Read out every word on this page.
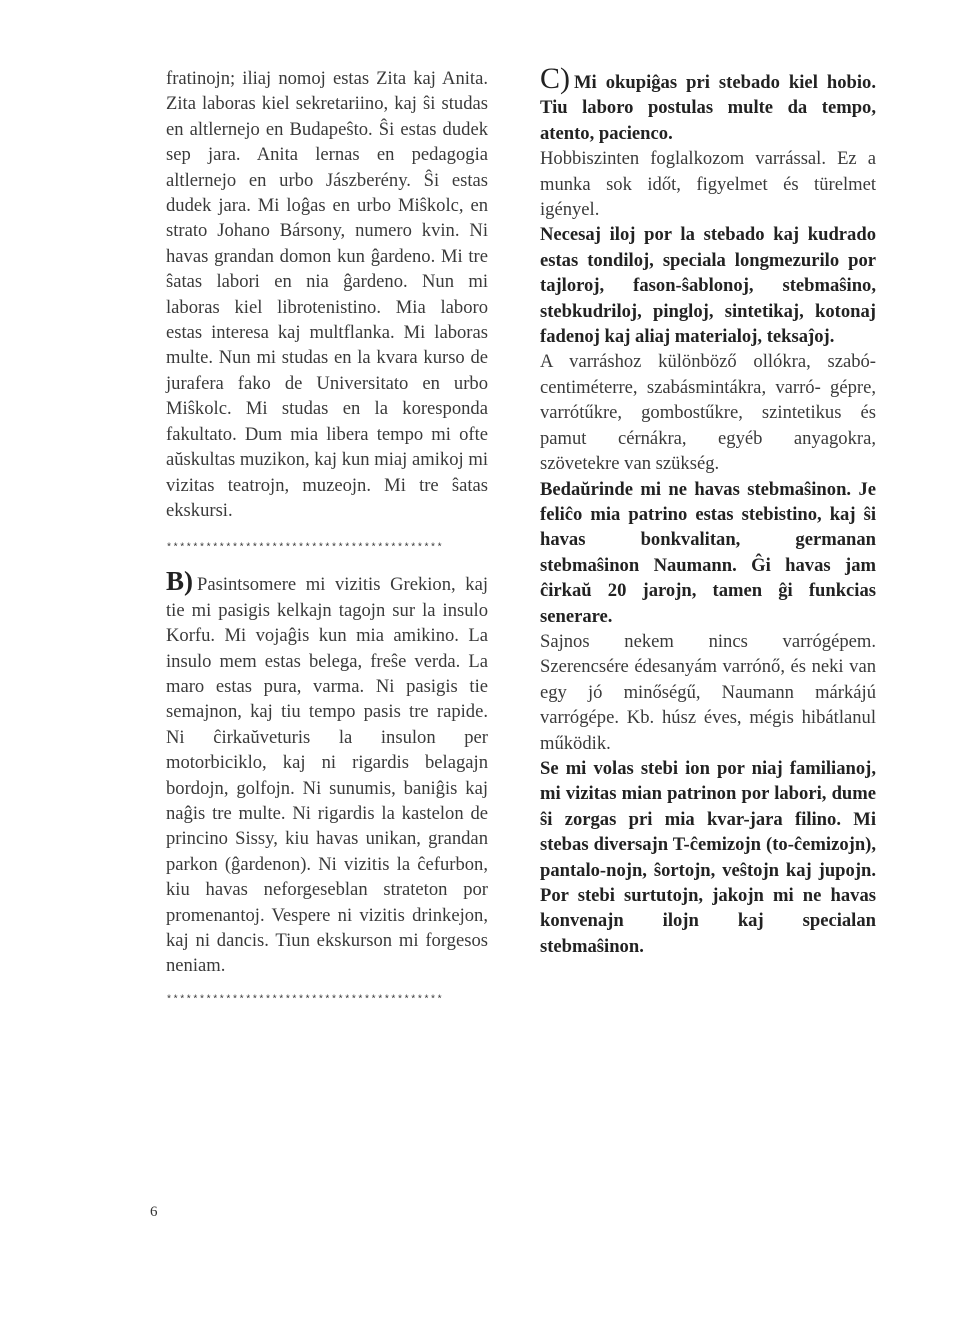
fratinojn; iliaj nomoj estas Zita kaj Anita. Zita laboras kiel sekretariino, kaj ŝi studas en altlernejo en Budapeŝto. Ŝi estas dudek sep jara. Anita lernas en pedagogia altlernejo en urbo Jászberény. Ŝi estas dudek jara. Mi loĝas en urbo Miŝkolc, en strato Johano Bársony, numero kvin. Ni havas grandan domon kun ĝardeno. Mi tre ŝatas labori en nia ĝardeno. Nun mi laboras kiel librotenistino. Mia laboro estas interesa kaj multflanka. Mi laboras multe. Nun mi studas en la kvara kurso de jurafera fako de Universitato en urbo Miŝkolc. Mi studas en la koresponda fakultato. Dum mia libera tempo mi ofte aŭskultas muzikon, kaj kun miaj amikoj mi vizitas teatrojn, muzeojn. Mi tre ŝatas ekskursi.

******************************************

B) Pasintsomere mi vizitis Grekion, kaj tie mi pasigis kelkajn tagojn sur la insulo Korfu. Mi vojaĝis kun mia amikino. La insulo mem estas belega, freŝe verda. La maro estas pura, varma. Ni pasigis tie semajnon, kaj tiu tempo pasis tre rapide. Ni ĉirkaŭveturis la insulon per motorbiciklo, kaj ni rigardis belagajn bordojn, golfojn. Ni sunumis, baniĝis kaj naĝis tre multe. Ni rigardis la kastelon de princino Sissy, kiu havas unikan, grandan parkon (ĝardenon). Ni vizitis la ĉefurbon, kiu havas neforgeseblan strateton por promenantoj. Vespere ni vizitis drinkejon, kaj ni dancis. Tiun ekskurson mi forgesos neniam.

******************************************

C) Mi okupiĝas pri stebado kiel hobio. Tiu laboro postulas multe da tempo, atento, pacienco.

Hobbiszinten foglalkozom varrással. Ez a munka sok időt, figyelmet és türelmet igényel.

Necesaj iloj por la stebado kaj kudrado estas tondiloj, speciala longmezurilo por tajloroj, fason-ŝablonoj, stebmaŝino, stebkudriloj, pingloj, sintetikaj, kotonaj fadenoj kaj aliaj materialoj, teksaĵoj.

A varráshoz különböző ollókra, szabó-centiméterre, szabásmintákra, varró- gépre, varrótűkre, gombostűkre, szintetikus és pamut cérnákra, egyéb anyagokra, szövetekre van szükség.

Bedaŭrinde mi ne havas stebmaŝinon. Je feliĉo mia patrino estas stebistino, kaj ŝi havas bonkvalitan, germanan stebmaŝinon Naumann. Ĝi havas jam ĉirkaŭ 20 jarojn, tamen ĝi funkcias senerare.

Sajnos nekem nincs varrógépem. Szerencsére édesanyám varrónő, és neki van egy jó minőségű, Naumann márkájú varrógépe. Kb. húsz éves, mégis hibátlanul működik.

Se mi volas stebi ion por niaj familianoj, mi vizitas mian patrinon por labori, dume ŝi zorgas pri mia kvar-jara filino. Mi stebas diversajn T-ĉemizojn (to-ĉemizojn), pantalo-nojn, ŝortojn, veŝtojn kaj jupojn. Por stebi surtutojn, jakojn mi ne havas konvenajn ilojn kaj specialan stebmaŝinon.

6
